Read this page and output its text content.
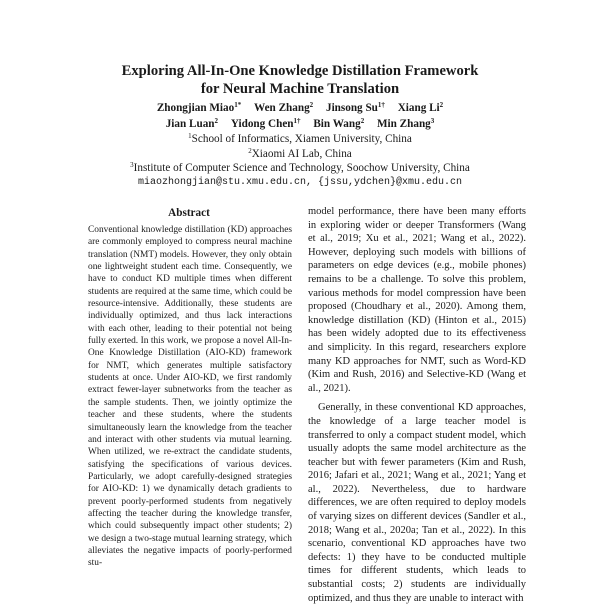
Exploring All-In-One Knowledge Distillation Framework
for Neural Machine Translation
Zhongjian Miao$^{1*}$ Wen Zhang$^2$ Jinsong $Su^{1\dagger}$ Xiang Li$^2$
Jian Luan$^2$ Yidong Chen$^{1\dagger}$ Bin Wang$^2$ Min Zhang$^3$
$^1$School of Informatics, Xiamen University, China
$^2$Xiaomi AI Lab, China
$^3$Institute of Computer Science and Technology, Soochow University, China
miaozhongjian@stu.xmu.edu.cn, {jssu,ydchen}@xmu.edu.cn
Abstract
Conventional knowledge distillation (KD) approaches are commonly employed to compress neural machine translation (NMT) models. However, they only obtain one lightweight student each time. Consequently, we have to conduct KD multiple times when different students are required at the same time, which could be resource-intensive. Additionally, these students are individually optimized, and thus lack interactions with each other, leading to their potential not being fully exerted. In this work, we propose a novel All-In-One Knowledge Distillation (AIO-KD) framework for NMT, which generates multiple satisfactory students at once. Under AIO-KD, we first randomly extract fewer-layer subnetworks from the teacher as the sample students. Then, we jointly optimize the teacher and these students, where the students simultaneously learn the knowledge from the teacher and interact with other students via mutual learning. When utilized, we re-extract the candidate students, satisfying the specifications of various devices. Particularly, we adopt carefully-designed strategies for AIO-KD: 1) we dynamically detach gradients to prevent poorly-performed students from negatively affecting the teacher during the knowledge transfer, which could subsequently impact other students; 2) we design a two-stage mutual learning strategy, which alleviates the negative impacts of poorly-performed stu-

model performance, there have been many efforts in exploring wider or deeper Transformers (Wang et al., 2019; Xu et al., 2021; Wang et al., 2022). However, deploying such models with billions of parameters on edge devices (e.g., mobile phones) remains to be a challenge. To solve this problem, various methods for model compression have been proposed (Choudhary et al., 2020). Among them, knowledge distillation (KD) (Hinton et al., 2015) has been widely adopted due to its effectiveness and simplicity. In this regard, researchers explore many KD approaches for NMT, such as Word-KD (Kim and Rush, 2016) and Selective-KD (Wang et al., 2021).

Generally, in these conventional KD approaches, the knowledge of a large teacher model is transferred to only a compact student model, which usually adopts the same model architecture as the teacher but with fewer parameters (Kim and Rush, 2016; Jafari et al., 2021; Wang et al., 2021; Yang et al., 2022). Nevertheless, due to hardware differences, we are often required to deploy models of varying sizes on different devices (Sandler et al., 2018; Wang et al., 2020a; Tan et al., 2022). In this scenario, conventional KD approaches have two defects: 1) they have to be conducted multiple times for different students, which leads to substantial costs; 2) students are individually optimized, and thus they are unable to interact with
